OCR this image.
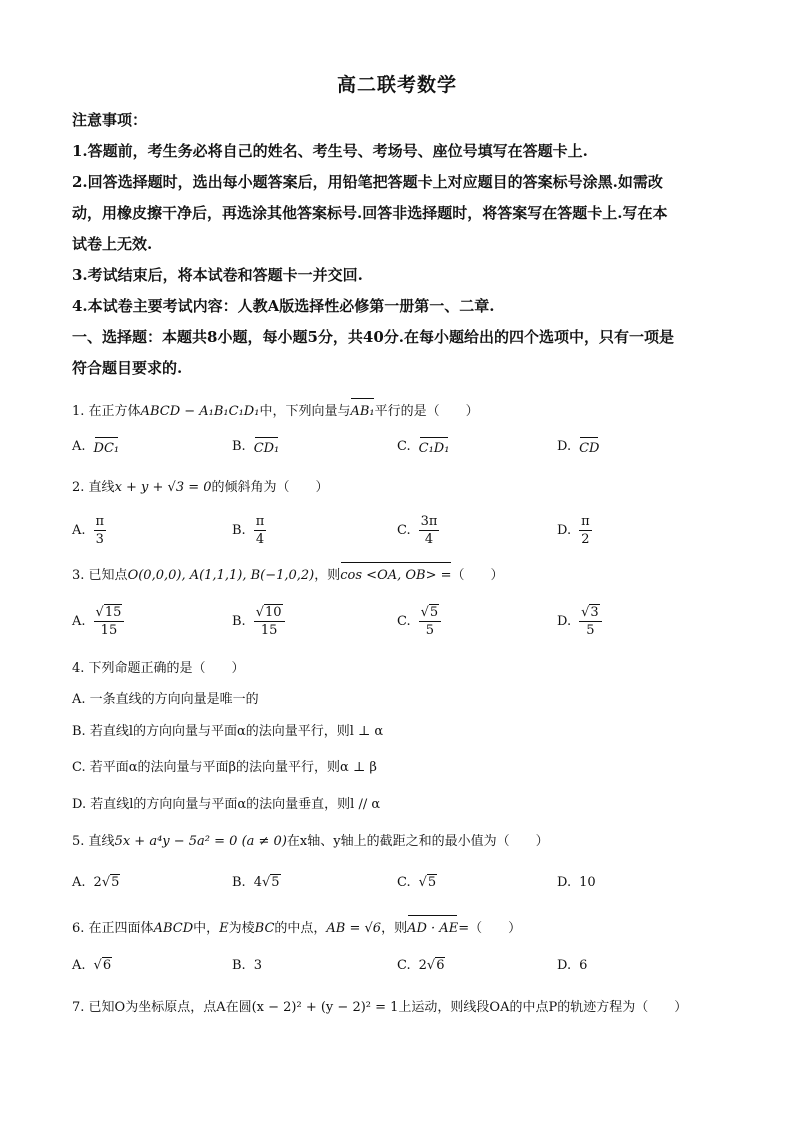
高二联考数学
注意事项：
1.答题前，考生务必将自己的姓名、考生号、考场号、座位号填写在答题卡上.
2.回答选择题时，选出每小题答案后，用铅笔把答题卡上对应题目的答案标号涂黑.如需改
动，用橡皮擦干净后，再选涂其他答案标号.回答非选择题时，将答案写在答题卡上.写在本
试卷上无效.
3.考试结束后，将本试卷和答题卡一并交回.
4.本试卷主要考试内容：人教A版选择性必修第一册第一、二章.
一、选择题：本题共8小题，每小题5分，共40分.在每小题给出的四个选项中，只有一项是
符合题目要求的.
1. 在正方体ABCD − A₁B₁C₁D₁中，下列向量与AB₁平行的是（　　）
A. DC₁	B. CD₁	C. C₁D₁	D. CD
2. 直线x + y + √3 = 0的倾斜角为（　　）
A. $\frac{\pi}{3}$	B. $\frac{\pi}{4}$	C. $\frac{3\pi}{4}$	D. $\frac{\pi}{2}$
3. 已知点O(0,0,0), A(1,1,1), B(−1,0,2)，则cos <OA, OB> =（　　）
A. $\frac{√15}{15}$	B. $\frac{√10}{15}$	C. $\frac{√5}{5}$	D. $\frac{√3}{5}$
4. 下列命题正确的是（　　）
A. 一条直线的方向向量是唯一的
B. 若直线l的方向向量与平面α的法向量平行，则l ⊥ α
C. 若平面α的法向量与平面β的法向量平行，则α ⊥ β
D. 若直线l的方向向量与平面α的法向量垂直，则l // α
5. 直线5x + a⁴y − 5a² = 0 (a ≠ 0)在x轴、y轴上的截距之和的最小值为（　　）
A. 2 √ 5	B. 4 √ 5	C. √ 5	D. 10
6. 在正四面体ABCD中，E为棱BC的中点，AB = √6，则AD · AE=（　　）
A. √ 6	B. 3	C. 2 √ 6	D. 6
7. 已知O为坐标原点，点A在圆(x − 2)² + (y − 2)² = 1上运动，则线段OA的中点P的轨迹方程为（　　）
